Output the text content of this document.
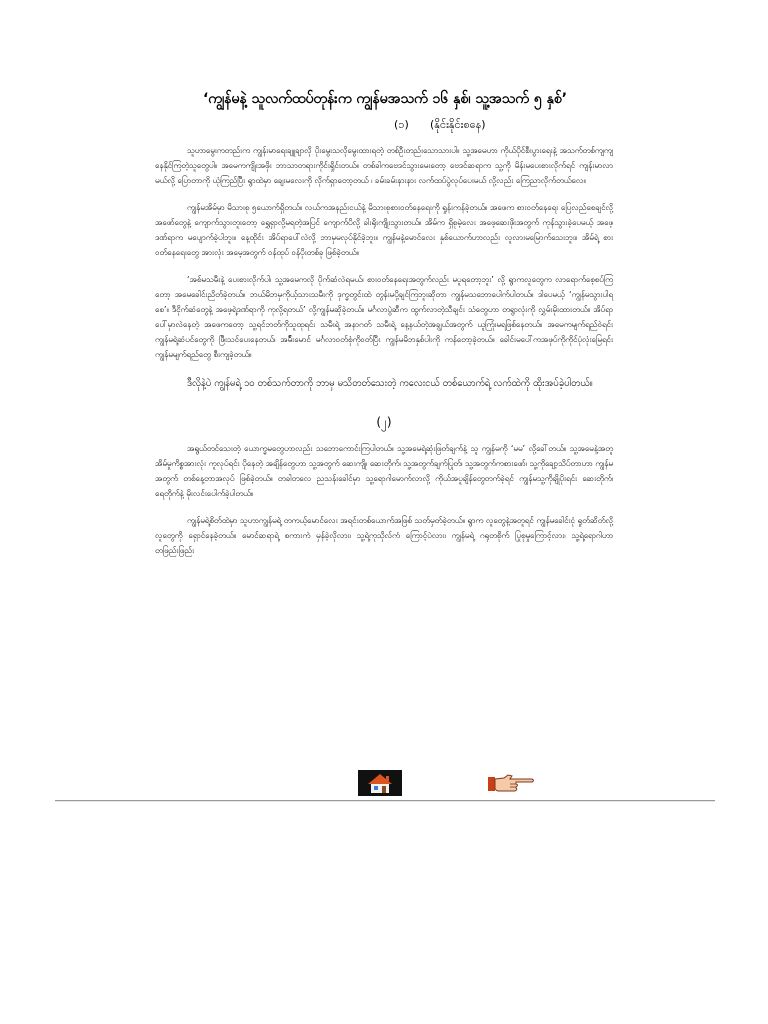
‘ကျွန်မနဲ့ သူလက်ထပ်တုန်းက ကျွန်မအသက် ၁၆ နှစ်၊ သူ့အသက် ၅ နှစ်’
(၁) (နိုင်းနိုင်းစနေ)

သူဟာမွေးကတည်းက ကျွန်းမာရေးချူချာလို ပိုးမွေးသလိုမွေးထားရတဲ့ တစ်ဦးတည်းသောသားပါ။ သူ့အမေဟာ ကိုယ်ပိုင်စီးပွားရေးနဲ့ အသက်တစ်ကျကျ နေနိုင်ကြတဲ့သူတွေပါ။ အမေကကျိုးအဖိုး ဘာသာတရားကိုင်းရှိုင်းတယ်။ တစ်ခါကဗေဒင်သွားမေးတော့ ဗေဒင်ဆရာက သူ့ကို မိန်းမပေးစားလိုက်ရင် ကျန်းမာလာမယ်လို့ ပြောတာကို ယုံကြည်ပြီး ရွာထဲမှာ ချေးမလေးကို လိုက်ရှာတော့တယ် ၊ ခမ်းခမ်းနားနား လက်ထပ်ပွဲလုပ်ပေးမယ် လို့လည်း ကြေညာလိုက်တယ်လေ။

ကျွန်မအိမ်မှာ မိသားစု ၅ယောက်ရှိတယ်။ လယ်ကအနည်းငယ်နဲ့ မိသားစုစားဝတ်နေရေးကို ရှုန်းကန်ခဲ့တယ်။ အဖေက စားဝတ်နေရေး ပြေလည်စေချင်လို့ အဖော်တွေနဲ့ ကျောက်သွားတူးတော့ ရွှေရှာလို့မရတဲ့အပြင် ကျောက်ပိလို့ ခါးရိုးကျိုးသွားတယ်။ အိမ်က ရှိစုမဲ့လေး အဖေ့ဆေးဖိုးအတွက် ကုန်သွားခဲ့ပေမယ့် အဖေ့ဒဏ်ရာက မပျောက်ခဲ့ပါဘူး။ နေ့ထိုင်း အိပ်ရာပေါ်လဲလို့ ဘာမှမလုပ်နိုင်ခဲ့ဘူး။ ကျွန်မနဲ့မောင်လေး နှစ်ယောက်ဟာလည်း လူလားမမြောက်သေးဘူး။ အိမ်ရဲ့ စားဝတ်နေရေးတွေ အားလုံး အမေ့အတွက် ဝန်ထုပ် ဝန်ပိုးတစ်ခု ဖြစ်ခဲ့တယ်။

‘အစ်မသမီးနဲ့ ပေးစားလိုက်ပါ၊ သူ့အမေကလို ပိုက်ဆံလဲရမယ်၊ စားဝတ်နေရေးအတွက်လည်း မပူရတော့ဘူး’ လို့ ရွာကလူတွေက လာရောက်စေ့စပ်ကြတော့ အမေခေါင်းညိတ်ခဲ့တယ်။ ဘယ်မိဘမှကိုယ့်သားသမီးကို ဒုက္ခတွင်းထဲ တွန်းမပို့ချင်ကြဘူးဆိုတာ ကျွန်မသဘောပေါက်ပါတယ်။ ဒါပေမယ့် ‘ကျွန်မသွားပါရစေ’။ ဒီငိုက်ဆံတွေနဲ့ အဖေ့ရဲ့ဒဏ်ရာကို ကုလို့ရတယ်’ လို့ကျွန်မဆိုခဲ့တယ်။ မင်္ဂလာပွဲဆီက ထွက်လာတဲ့သီချင်း သံတွေဟာ တရွာလုံးကို လွှမ်းမိုးထားတယ်။ အိပ်ရာပေါ်မှာလဲနေတဲ့ အဖေကတော့ သူ့ရင်ဘတ်ကိုသူထုရင်း သမီးရဲ့ အနာဂတ် သမီးရဲ့ နေ့နယ်တဲ့အချွယ်အတွက် ယူကြုံးမရဖြစ်နေတယ်။ အမေကမျက်ရည်ဝဲရင်း ကျွန်မရဲ့ဆံပင်တွေကို ဖြီးသင်ပေးနေတယ်၊ အမ်ီးမောင် မင်္ဂလာဝတ်စုံကိုဝတ်ပြီး ကျွန်မမိဘနှစ်ပါးကို ကန်တော့ခဲ့တယ်။ ခေါင်းမပေါ်ကအဖုပ်ကိုကိုင်ပုံလုံးမြေရင်း ကျွန်မမျက်ရည်တွေ စီးကျခဲ့တယ်။

ဒီလိုနဲ့ပဲ ကျွန်မရဲ့ ၁၀ တစ်သက်တာကို ဘာမှ မသိတတ်သေးတဲ့ ကလေးငယ် တစ်ယောက်ရဲ့ လက်ထဲကို ထိုးအပ်ခဲ့ပါတယ်။

(၂)

အရွယ်တင်သေးတဲ့ ယောက္ခမတွေဟာလည်း သဘောကောင်းကြပါတယ်။ သူ့အမေရဲ့ဆုံးဖြတ်ချက်နဲ့ သူ ကျွန်မကို ‘မမ’ လို့ခေါ်တယ်။ သူ့အမေနဲ့အတူ အိမ်မှုကိစ္စအားလုံး ကူလုပ်ရင်း ပိုနေတဲ့ အချိန်တွေဟာ သူ့အတွက် ဆေးကျို၊ ဆေးတိုက်၊ သူ့အတွက်ချက်ပြုတ်၊ သူ့အတွက်ကစားဖော်၊ သူ့ကိုချော့သိပ်တာဟာ ကျွန်မအတွက် တစ်နေ့တာအလုပ် ဖြစ်ခဲ့တယ်။ တခါတလေ ညသန်းခေါင်မှာ သူ့ရောဂါမောက်လာလို့ ကိုယ်အပူချိန်တွေတက်ခဲ့ရင် ကျွန်မသူ့ကိုချိုပိုးရင်း ဆေးတိုက်၊ ရေတိုက်နဲ့ မိုးလင်းပေါက်ခဲ့ပါတယ်။

ကျွန်မရဲ့စိတ်ထဲမှာ သူဟာကျွန်မရဲ့ တကယ့်မောင်လေး အရင်းတစ်ယောက်အဖြစ် သတ်မှတ်ခဲ့တယ်။ ရွာက လူတွေနဲ့အတူရင် ကျွန်မခေါင်းငုံ ရှုတ်ဆိတ်လို့ လူတွေကို ရှောင်နေခဲ့တယ်။ မောင်ဆရာရဲ့ စကားကဲ မှန်ခဲ့လိုလား၊ သူ့ရဲ့ကုသိုလ်ကံ ကြောင့်ပဲလား၊ ကျွန်မရဲ့ ဂရုတစိုက် ပြုစုမှုကြောင့်လား၊ သူ့ရဲ့ရောဂါဟာ တဖြည်းဖြည်း
